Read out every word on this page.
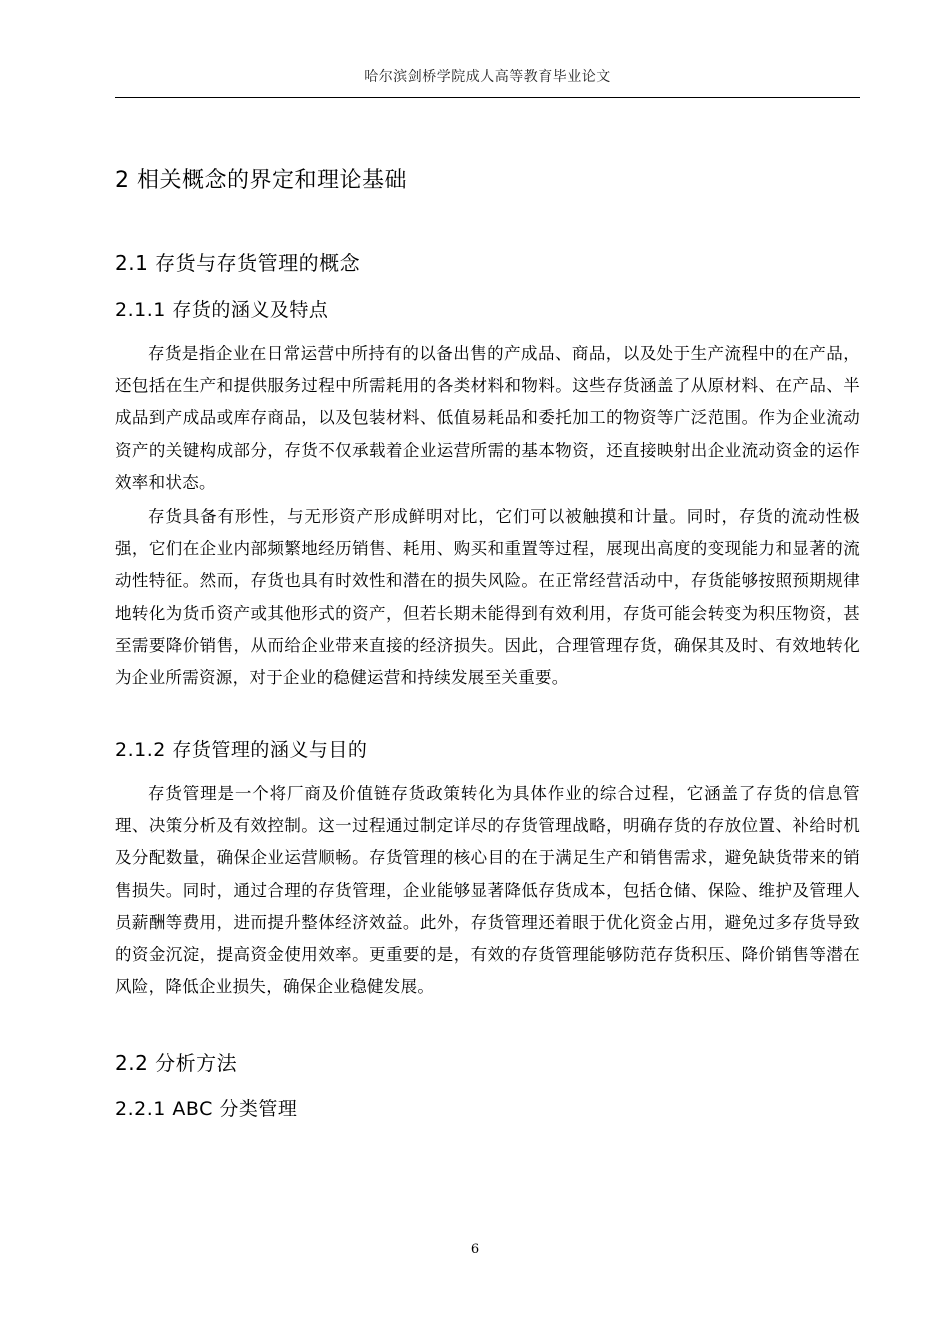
哈尔滨剑桥学院成人高等教育毕业论文
2 相关概念的界定和理论基础
2.1 存货与存货管理的概念
2.1.1 存货的涵义及特点

存货是指企业在日常运营中所持有的以备出售的产成品、商品，以及处于生产流程中的在产品，还包括在生产和提供服务过程中所需耗用的各类材料和物料。这些存货涵盖了从原材料、在产品、半成品到产成品或库存商品，以及包装材料、低值易耗品和委托加工的物资等广泛范围。作为企业流动资产的关键构成部分，存货不仅承载着企业运营所需的基本物资，还直接映射出企业流动资金的运作效率和状态。

存货具备有形性，与无形资产形成鲜明对比，它们可以被触摸和计量。同时，存货的流动性极强，它们在企业内部频繁地经历销售、耗用、购买和重置等过程，展现出高度的变现能力和显著的流动性特征。然而，存货也具有时效性和潜在的损失风险。在正常经营活动中，存货能够按照预期规律地转化为货币资产或其他形式的资产，但若长期未能得到有效利用，存货可能会转变为积压物资，甚至需要降价销售，从而给企业带来直接的经济损失。因此，合理管理存货，确保其及时、有效地转化为企业所需资源，对于企业的稳健运营和持续发展至关重要。

2.1.2 存货管理的涵义与目的

存货管理是一个将厂商及价值链存货政策转化为具体作业的综合过程，它涵盖了存货的信息管理、决策分析及有效控制。这一过程通过制定详尽的存货管理战略，明确存货的存放位置、补给时机及分配数量，确保企业运营顺畅。存货管理的核心目的在于满足生产和销售需求，避免缺货带来的销售损失。同时，通过合理的存货管理，企业能够显著降低存货成本，包括仓储、保险、维护及管理人员薪酬等费用，进而提升整体经济效益。此外，存货管理还着眼于优化资金占用，避免过多存货导致的资金沉淀，提高资金使用效率。更重要的是，有效的存货管理能够防范存货积压、降价销售等潜在风险，降低企业损失，确保企业稳健发展。

2.2 分析方法
2.2.1 ABC 分类管理
6
